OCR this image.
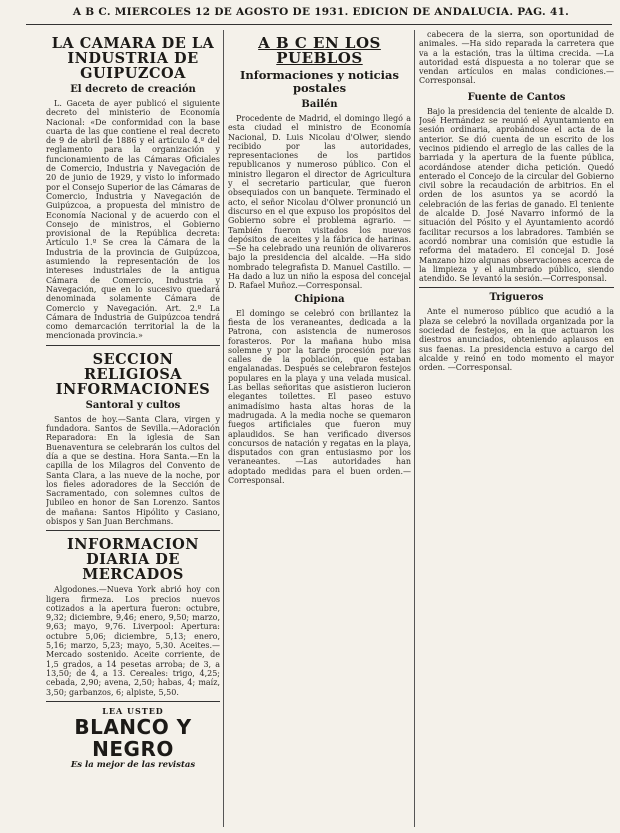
A B C. MIERCOLES 12 DE AGOSTO DE 1931. EDICION DE ANDALUCIA. PAG. 41.
LA CAMARA DE LA INDUSTRIA DE GUIPUZCOA
El decreto de creación

L. Gaceta de ayer publicó el siguiente decreto del ministerio de Economía Nacional: «De conformidad con la base cuarta de las que contiene el real decreto de 9 de abril de 1886 y el artículo 4.º del reglamento para la organización y funcionamiento de las Cámaras Oficiales de Comercio, Industria y Navegación de 20 de junio de 1929, y visto lo informado por el Consejo Superior de las Cámaras de Comercio, Industria y Navegación de Guipúzcoa, a propuesta del ministro de Economía Nacional y de acuerdo con el Consejo de ministros, el Gobierno provisional de la República decreta: Artículo 1.º Se crea la Cámara de la Industria de la provincia de Guipúzcoa, asumiendo la representación de los intereses industriales de la antigua Cámara de Comercio, Industria y Navegación, que en lo sucesivo quedará denominada solamente Cámara de Comercio y Navegación. Art. 2.º La Cámara de Industria de Guipúzcoa tendrá como demarcación territorial la de la mencionada provincia.»

SECCION RELIGIOSA INFORMACIONES
Santoral y cultos

Santos de hoy.—Santa Clara, virgen y fundadora. Santos de Sevilla.—Adoración Reparadora: En la iglesia de San Buenaventura se celebrarán los cultos del día a que se destina. Hora Santa.—En la capilla de los Milagros del Convento de Santa Clara, a las nueve de la noche, por los fieles adoradores de la Sección de Sacramentado, con solemnes cultos de Jubileo en honor de San Lorenzo. Santos de mañana: Santos Hipólito y Casiano, obispos y San Juan Berchmans.

INFORMACION DIARIA DE MERCADOS

Algodones.—Nueva York abrió hoy con ligera firmeza. Los precios nuevos cotizados a la apertura fueron: octubre, 9,32; diciembre, 9,46; enero, 9,50; marzo, 9,63; mayo, 9,76. Liverpool: Apertura: octubre 5,06; diciembre, 5,13; enero, 5,16; marzo, 5,23; mayo, 5,30. Aceites.—Mercado sostenido. Aceite corriente, de 1,5 grados, a 14 pesetas arroba; de 3, a 13,50; de 4, a 13. Cereales: trigo, 4,25; cebada, 2,90; avena, 2,50; habas, 4; maíz, 3,50; garbanzos, 6; alpiste, 5,50.

LEA USTED
BLANCO Y NEGRO
Es la mejor de las revistas
A B C EN LOS PUEBLOS
Informaciones y noticias postales
Bailén

Procedente de Madrid, el domingo llegó a esta ciudad el ministro de Economía Nacional, D. Luis Nicolau d'Olwer, siendo recibido por las autoridades, representaciones de los partidos republicanos y numeroso público. Con el ministro llegaron el director de Agricultura y el secretario particular, que fueron obsequiados con un banquete. Terminado el acto, el señor Nicolau d'Olwer pronunció un discurso en el que expuso los propósitos del Gobierno sobre el problema agrario. —También fueron visitados los nuevos depósitos de aceites y la fábrica de harinas. —Se ha celebrado una reunión de olivareros bajo la presidencia del alcalde. —Ha sido nombrado telegrafista D. Manuel Castillo. —Ha dado a luz un niño la esposa del concejal D. Rafael Muñoz.—Corresponsal.

Chipiona

El domingo se celebró con brillantez la fiesta de los veraneantes, dedicada a la Patrona, con asistencia de numerosos forasteros. Por la mañana hubo misa solemne y por la tarde procesión por las calles de la población, que estaban engalanadas. Después se celebraron festejos populares en la playa y una velada musical. Las bellas señoritas que asistieron lucieron elegantes toilettes. El paseo estuvo animadísimo hasta altas horas de la madrugada. A la media noche se quemaron fuegos artificiales que fueron muy aplaudidos. Se han verificado diversos concursos de natación y regatas en la playa, disputados con gran entusiasmo por los veraneantes. —Las autoridades han adoptado medidas para el buen orden.—Corresponsal.

cabecera de la sierra, son oportunidad de animales. —Ha sido reparada la carretera que va a la estación, tras la última crecida. —La autoridad está dispuesta a no tolerar que se vendan artículos en malas condiciones.—Corresponsal.

Fuente de Cantos

Bajo la presidencia del teniente de alcalde D. José Hernández se reunió el Ayuntamiento en sesión ordinaria, aprobándose el acta de la anterior. Se dió cuenta de un escrito de los vecinos pidiendo el arreglo de las calles de la barriada y la apertura de la fuente pública, acordándose atender dicha petición. Quedó enterado el Concejo de la circular del Gobierno civil sobre la recaudación de arbitrios. En el orden de los asuntos ya se acordó la celebración de las ferias de ganado. El teniente de alcalde D. José Navarro informó de la situación del Pósito y el Ayuntamiento acordó facilitar recursos a los labradores. También se acordó nombrar una comisión que estudie la reforma del matadero. El concejal D. José Manzano hizo algunas observaciones acerca de la limpieza y el alumbrado público, siendo atendido. Se levantó la sesión.—Corresponsal.

Trigueros

Ante el numeroso público que acudió a la plaza se celebró la novillada organizada por la sociedad de festejos, en la que actuaron los diestros anunciados, obteniendo aplausos en sus faenas. La presidencia estuvo a cargo del alcalde y reinó en todo momento el mayor orden. —Corresponsal.
